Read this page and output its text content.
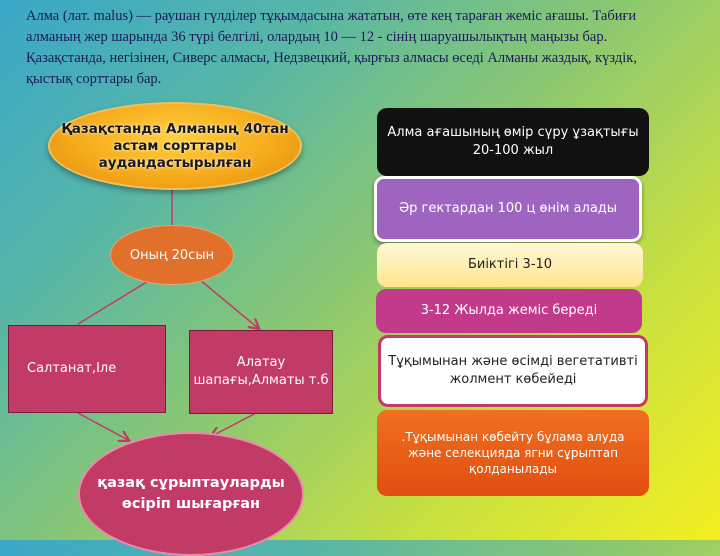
Алма (лат. malus) — раушан гүлділер тұқымдасына жататын, өте кең тараған жеміс ағашы. Табиғи алманың жер шарында 36 түрі белгілі, олардың 10 — 12 - сінің шаруашылықтың маңызы бар. Қазақстанда, негізінен, Сиверс алмасы, Недзвецкий, қырғыз алмасы өседі Алманы жаздық, күздік, қыстық сорттары бар.
Қазақстанда Алманың 40тан астам сорттары аудандастырылған
Оның 20сын
Салтанат,Іле	Алатау шапағы,Алматы т.б
қазақ сұрыптауларды өсіріп шығарған
Алма ағашының өмір сүру ұзақтығы 20-100 жыл
Әр гектардан 100 ц өнім алады
Биіктігі 3-10
3-12 Жылда жеміс береді
Тұқымынан және өсімді вегетативті жолмент көбейеді
.Тұқымынан көбейту бұлама алуда және селекцияда ягни сұрыптап қолданылады
